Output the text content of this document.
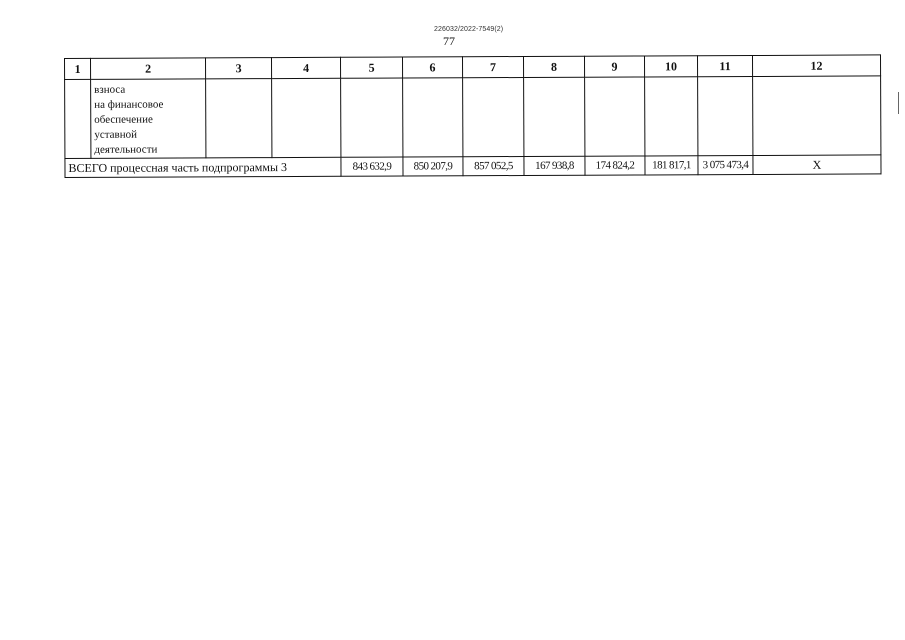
226032/2022-7549(2)
77
1	2	3	4	5	6	7	8	9	10	11	12
	взноса
на финансовое
обеспечение
уставной
деятельности										
ВСЕГО процессная часть подпрограммы 3				843 632,9	850 207,9	857 052,5	167 938,8	174 824,2	181 817,1	3 075 473,4	X
